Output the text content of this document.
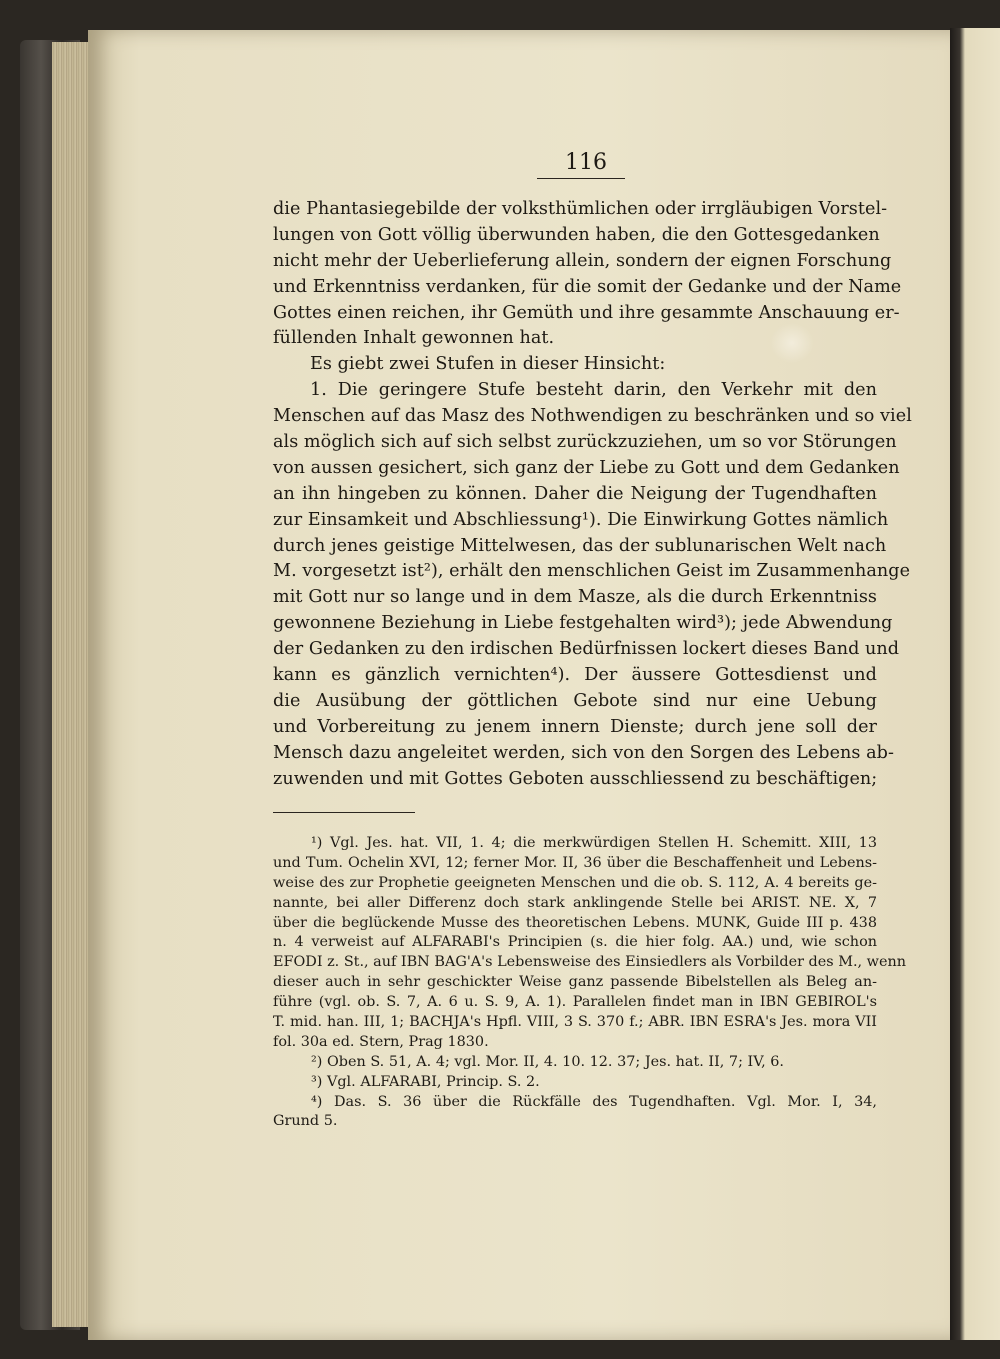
116
die Phantasiegebilde der volksthümlichen oder irrgläubigen Vorstel-
lungen von Gott völlig überwunden haben, die den Gottesgedanken
nicht mehr der Ueberlieferung allein, sondern der eignen Forschung
und Erkenntniss verdanken, für die somit der Gedanke und der Name
Gottes einen reichen, ihr Gemüth und ihre gesammte Anschauung er-
füllenden Inhalt gewonnen hat.
Es giebt zwei Stufen in dieser Hinsicht:
1. Die geringere Stufe besteht darin, den Verkehr mit den
Menschen auf das Masz des Nothwendigen zu beschränken und so viel
als möglich sich auf sich selbst zurückzuziehen, um so vor Störungen
von aussen gesichert, sich ganz der Liebe zu Gott und dem Gedanken
an ihn hingeben zu können. Daher die Neigung der Tugendhaften
zur Einsamkeit und Abschliessung¹). Die Einwirkung Gottes nämlich
durch jenes geistige Mittelwesen, das der sublunarischen Welt nach
M. vorgesetzt ist²), erhält den menschlichen Geist im Zusammenhange
mit Gott nur so lange und in dem Masze, als die durch Erkenntniss
gewonnene Beziehung in Liebe festgehalten wird³); jede Abwendung
der Gedanken zu den irdischen Bedürfnissen lockert dieses Band und
kann es gänzlich vernichten⁴). Der äussere Gottesdienst und
die Ausübung der göttlichen Gebote sind nur eine Uebung
und Vorbereitung zu jenem innern Dienste; durch jene soll der
Mensch dazu angeleitet werden, sich von den Sorgen des Lebens ab-
zuwenden und mit Gottes Geboten ausschliessend zu beschäftigen;
¹) Vgl. Jes. hat. VII, 1. 4; die merkwürdigen Stellen H. Schemitt. XIII, 13
und Tum. Ochelin XVI, 12; ferner Mor. II, 36 über die Beschaffenheit und Lebens-
weise des zur Prophetie geeigneten Menschen und die ob. S. 112, A. 4 bereits ge-
nannte, bei aller Differenz doch stark anklingende Stelle bei ARIST. NE. X, 7
über die beglückende Musse des theoretischen Lebens. MUNK, Guide III p. 438
n. 4 verweist auf ALFARABI's Principien (s. die hier folg. AA.) und, wie schon
EFODI z. St., auf IBN BAG'A's Lebensweise des Einsiedlers als Vorbilder des M., wenn
dieser auch in sehr geschickter Weise ganz passende Bibelstellen als Beleg an-
führe (vgl. ob. S. 7, A. 6 u. S. 9, A. 1). Parallelen findet man in IBN GEBIROL's
T. mid. han. III, 1; BACHJA's Hpfl. VIII, 3 S. 370 f.; ABR. IBN ESRA's Jes. mora VII
fol. 30a ed. Stern, Prag 1830.
²) Oben S. 51, A. 4; vgl. Mor. II, 4. 10. 12. 37; Jes. hat. II, 7; IV, 6.
³) Vgl. ALFARABI, Princip. S. 2.
⁴) Das. S. 36 über die Rückfälle des Tugendhaften. Vgl. Mor. I, 34,
Grund 5.
